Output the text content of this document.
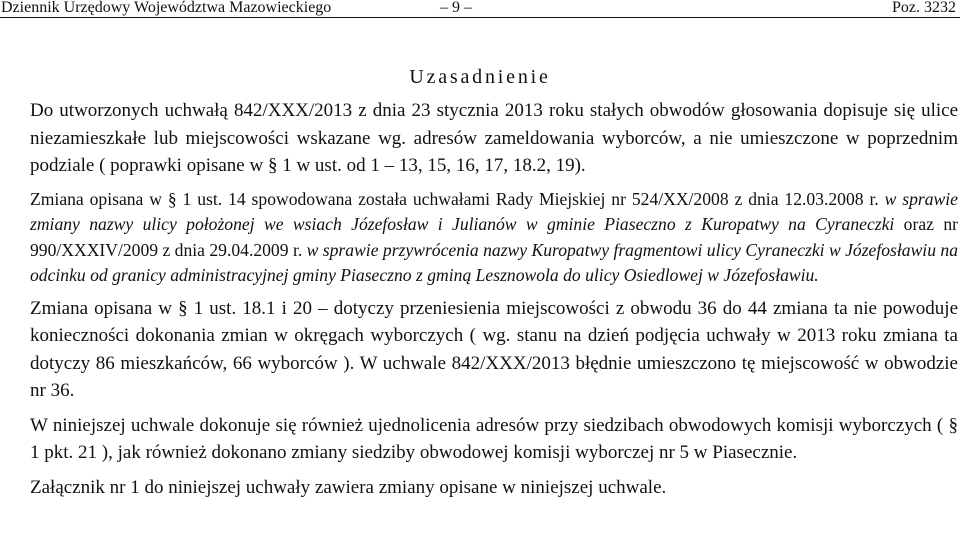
Dziennik Urzędowy Województwa Mazowieckiego	– 9 –	Poz. 3232
Uzasadnienie

Do utworzonych uchwałą 842/XXX/2013 z dnia 23 stycznia 2013 roku stałych obwodów głosowania dopisuje się ulice niezamieszkałe lub miejscowości wskazane wg. adresów zameldowania wyborców, a nie umieszczone w poprzednim podziale ( poprawki opisane w § 1 w ust. od 1 – 13, 15, 16, 17, 18.2, 19).

Zmiana opisana w § 1 ust. 14 spowodowana została uchwałami Rady Miejskiej nr 524/XX/2008 z dnia 12.03.2008 r. w sprawie zmiany nazwy ulicy położonej we wsiach Józefosław i Julianów w gminie Piaseczno z Kuropatwy na Cyraneczki oraz nr 990/XXXIV/2009 z dnia 29.04.2009 r. w sprawie przywrócenia nazwy Kuropatwy fragmentowi ulicy Cyraneczki w Józefosławiu na odcinku od granicy administracyjnej gminy Piaseczno z gminą Lesznowola do ulicy Osiedlowej w Józefosławiu.

Zmiana opisana w § 1 ust. 18.1 i 20 – dotyczy przeniesienia miejscowości z obwodu 36 do 44 zmiana ta nie powoduje konieczności dokonania zmian w okręgach wyborczych ( wg. stanu na dzień podjęcia uchwały w 2013 roku zmiana ta dotyczy 86 mieszkańców, 66 wyborców ). W uchwale 842/XXX/2013 błędnie umieszczono tę miejscowość w obwodzie nr 36.

W niniejszej uchwale dokonuje się również ujednolicenia adresów przy siedzibach obwodowych komisji wyborczych ( § 1 pkt. 21 ), jak również dokonano zmiany siedziby obwodowej komisji wyborczej nr 5 w Piasecznie.

Załącznik nr 1 do niniejszej uchwały zawiera zmiany opisane w niniejszej uchwale.
